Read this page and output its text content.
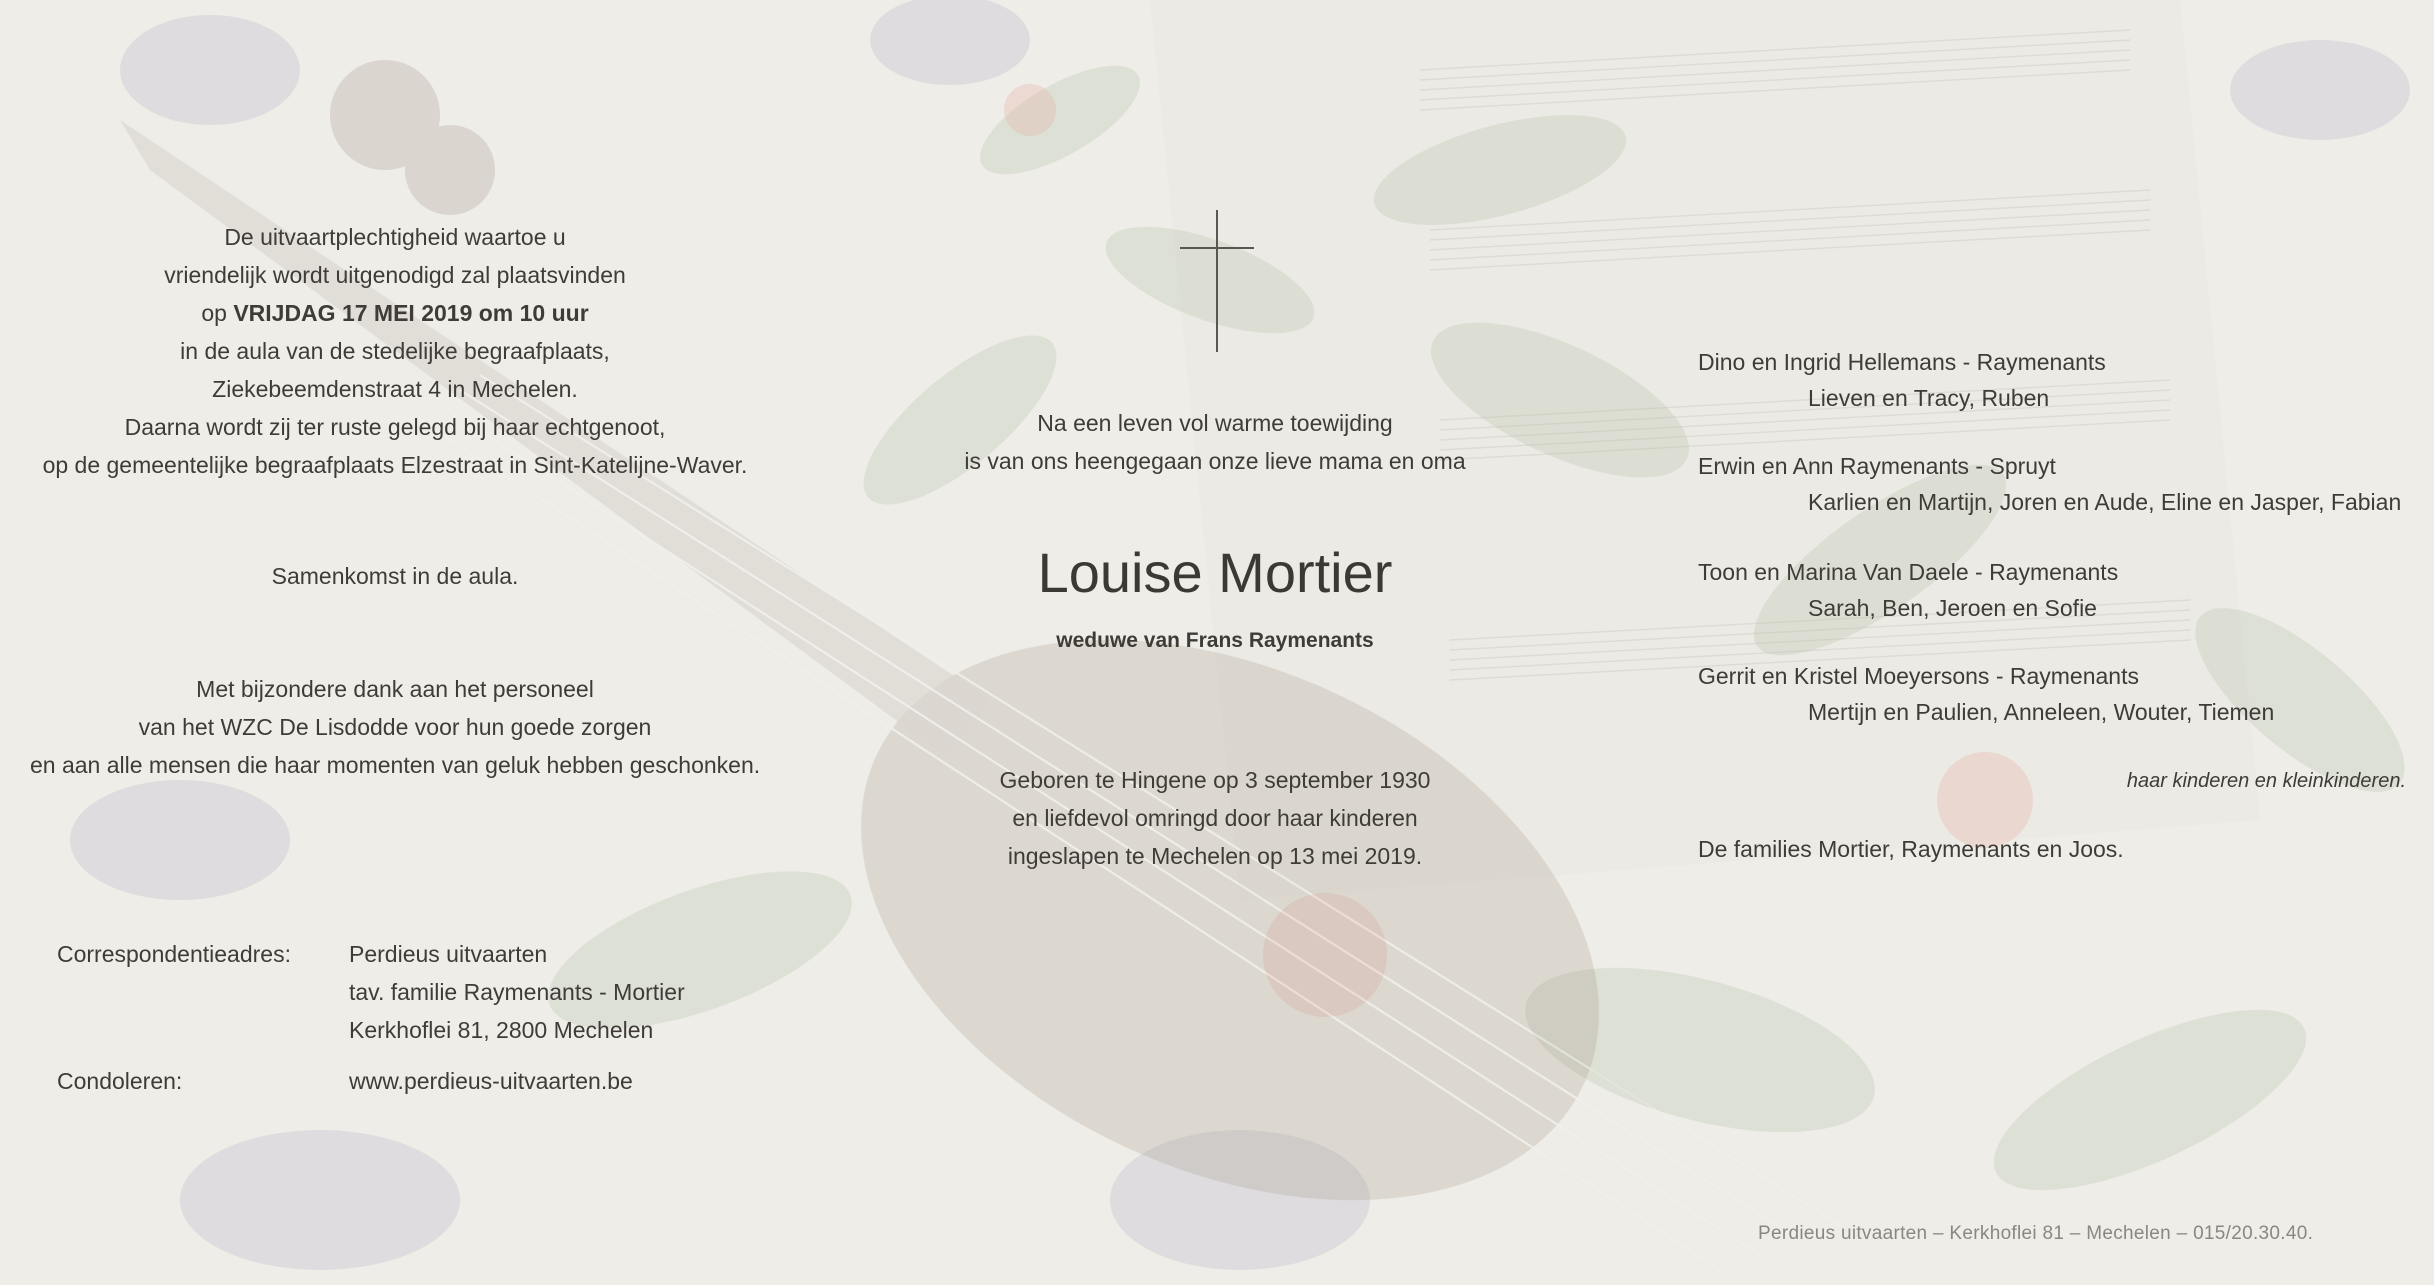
De uitvaartplechtigheid waartoe u
vriendelijk wordt uitgenodigd zal plaatsvinden
op VRIJDAG 17 MEI 2019 om 10 uur
in de aula van de stedelijke begraafplaats,
Ziekebeemdenstraat 4 in Mechelen.
Daarna wordt zij ter ruste gelegd bij haar echtgenoot,
op de gemeentelijke begraafplaats Elzestraat in Sint-Katelijne-Waver.
Samenkomst in de aula.
Met bijzondere dank aan het personeel
van het WZC De Lisdodde voor hun goede zorgen
en aan alle mensen die haar momenten van geluk hebben geschonken.
Correspondentieadres:	Perdieus uitvaarten
tav. familie Raymenants - Mortier
Kerkhoflei 81, 2800 Mechelen
Condoleren:	www.perdieus-uitvaarten.be
Na een leven vol warme toewijding
is van ons heengegaan onze lieve mama en oma
Louise Mortier
weduwe van Frans Raymenants
Geboren te Hingene op 3 september 1930
en liefdevol omringd door haar kinderen
ingeslapen te Mechelen op 13 mei 2019.
Dino en Ingrid Hellemans - Raymenants
Lieven en Tracy, Ruben
Erwin en Ann Raymenants - Spruyt
Karlien en Martijn, Joren en Aude, Eline en Jasper, Fabian
Toon en Marina Van Daele - Raymenants
Sarah, Ben, Jeroen en Sofie
Gerrit en Kristel Moeyersons - Raymenants
Mertijn en Paulien, Anneleen, Wouter, Tiemen
haar kinderen en kleinkinderen.
De families Mortier, Raymenants en Joos.
Perdieus uitvaarten – Kerkhoflei 81 – Mechelen – 015/20.30.40.
